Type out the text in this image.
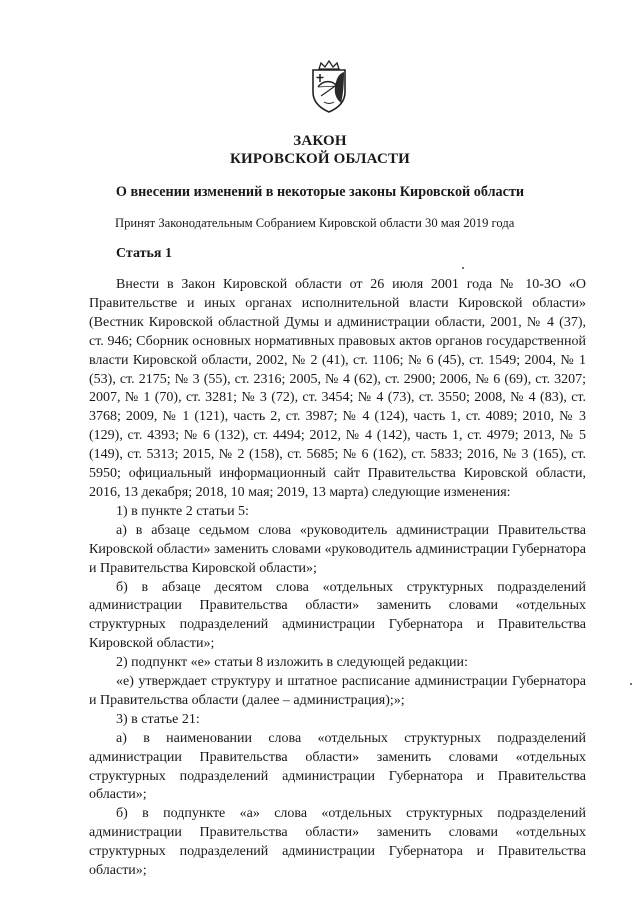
ЗАКОН
КИРОВСКОЙ ОБЛАСТИ
О внесении изменений в некоторые законы Кировской области
Принят Законодательным Собранием Кировской области 30 мая 2019 года
Статья 1

Внести в Закон Кировской области от 26 июля 2001 года № 10-ЗО «О Правительстве и иных органах исполнительной власти Кировской области» (Вестник Кировской областной Думы и администрации области, 2001, № 4 (37), ст. 946; Сборник основных нормативных правовых актов органов государственной власти Кировской области, 2002, № 2 (41), ст. 1106; № 6 (45), ст. 1549; 2004, № 1 (53), ст. 2175; № 3 (55), ст. 2316; 2005, № 4 (62), ст. 2900; 2006, № 6 (69), ст. 3207; 2007, № 1 (70), ст. 3281; № 3 (72), ст. 3454; № 4 (73), ст. 3550; 2008, № 4 (83), ст. 3768; 2009, № 1 (121), часть 2, ст. 3987; № 4 (124), часть 1, ст. 4089; 2010, № 3 (129), ст. 4393; № 6 (132), ст. 4494; 2012, № 4 (142), часть 1, ст. 4979; 2013, № 5 (149), ст. 5313; 2015, № 2 (158), ст. 5685; № 6 (162), ст. 5833; 2016, № 3 (165), ст. 5950; официальный информационный сайт Правительства Кировской области, 2016, 13 декабря; 2018, 10 мая; 2019, 13 марта) следующие изменения:

1) в пункте 2 статьи 5:

а) в абзаце седьмом слова «руководитель администрации Правительства Кировской области» заменить словами «руководитель администрации Губернатора и Правительства Кировской области»;

б) в абзаце десятом слова «отдельных структурных подразделений администрации Правительства области» заменить словами «отдельных структурных подразделений администрации Губернатора и Правительства Кировской области»;

2) подпункт «е» статьи 8 изложить в следующей редакции:

«е) утверждает структуру и штатное расписание администрации Губернатора и Правительства области (далее – администрация);»;

3) в статье 21:

а) в наименовании слова «отдельных структурных подразделений администрации Правительства области» заменить словами «отдельных структурных подразделений администрации Губернатора и Правительства области»;

б) в подпункте «а» слова «отдельных структурных подразделений администрации Правительства области» заменить словами «отдельных структурных подразделений администрации Губернатора и Правительства области»;
